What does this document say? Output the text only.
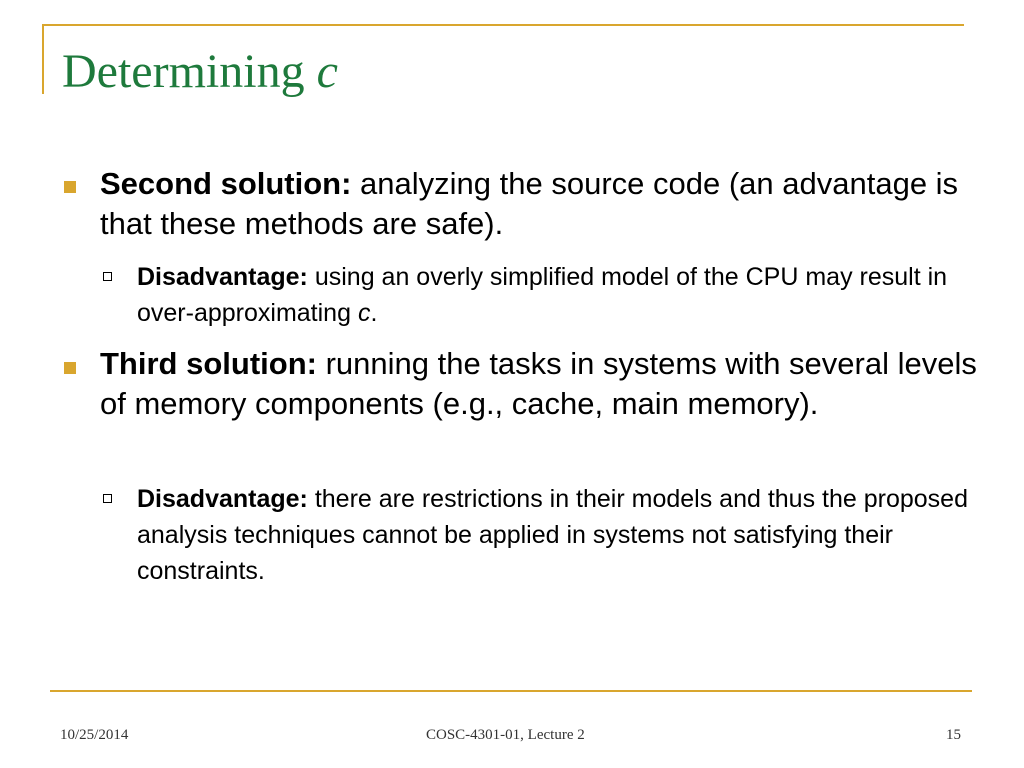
Determining c
Second solution: analyzing the source code (an advantage is that these methods are safe).
Disadvantage: using an overly simplified model of the CPU may result in over-approximating c.
Third solution: running the tasks in systems with several levels of memory components (e.g., cache, main memory).
Disadvantage: there are restrictions in their models and thus the proposed analysis techniques cannot be applied in systems not satisfying their constraints.
10/25/2014	COSC-4301-01, Lecture 2	15
